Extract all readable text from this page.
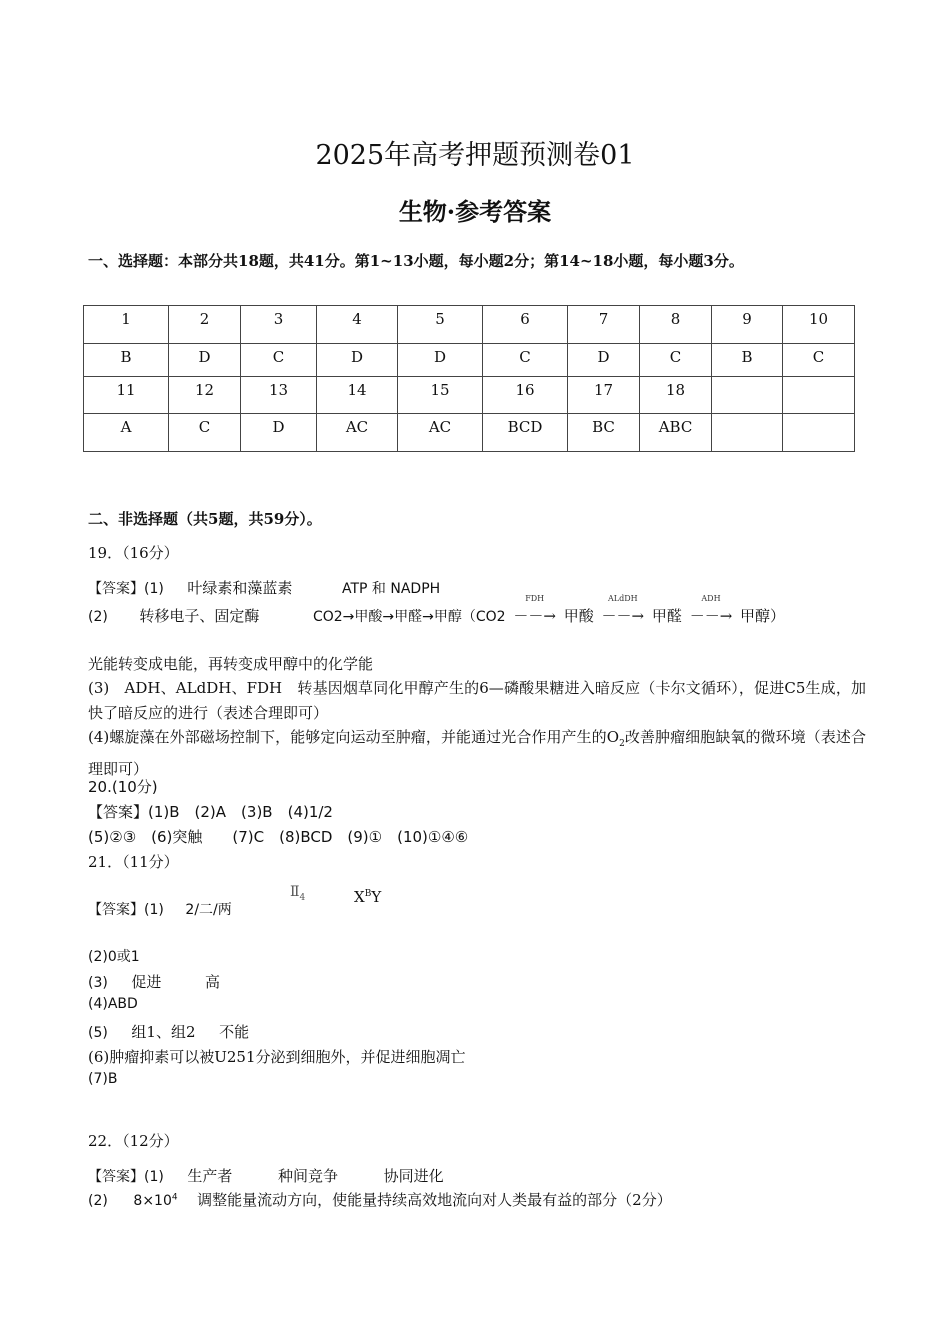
2025年高考押题预测卷01
生物·参考答案
一、选择题：本部分共18题，共41分。第1~13小题，每小题2分；第14~18小题，每小题3分。
1	2	3	4	5	6	7	8	9	10
B	D	C	D	D	C	D	C	B	C
11	12	13	14	15	16	17	18		
A	C	D	AC	AC	BCD	BC	ABC		
二、非选择题（共5题，共59分）。
19．（16分）
【答案】(1) 叶绿素和藻蓝素	ATP 和 NADPH
(2) 转移电子、固定酶	CO2→甲酸→甲醛→甲醇（CO2
FDH
－－→ 甲酸
ALdDH
－－→ 甲醛
ADH
－－→ 甲醇）
光能转变成电能，再转变成甲醇中的化学能
(3)　ADH、ALdDH、FDH　转基因烟草同化甲醇产生的6—磷酸果糖进入暗反应（卡尔文循环），促进C5生成，加快了暗反应的进行（表述合理即可）
(4)螺旋藻在外部磁场控制下，能够定向运动至肿瘤，并能通过光合作用产生的$O_2$改善肿瘤细胞缺氧的微环境（表述合理即可）
20.(10分)
【答案】(1)B　(2)A　(3)B　(4)1/2
(5)②③　(6)突触　　(7)C　(8)BCD　(9)①　(10)①④⑥
21．（11分）
【答案】(1) 2/二/两
$Ⅱ_4$	$X^BY$
(2)0或1
(3) 促进	高
(4)ABD
(5) 组1、组2 不能
(6)肿瘤抑素可以被U251分泌到细胞外，并促进细胞凋亡
(7)B
22．（12分）
【答案】(1) 生产者	种间竞争	协同进化
(2) $8\times 10^4$ 调整能量流动方向，使能量持续高效地流向对人类最有益的部分（2分）
